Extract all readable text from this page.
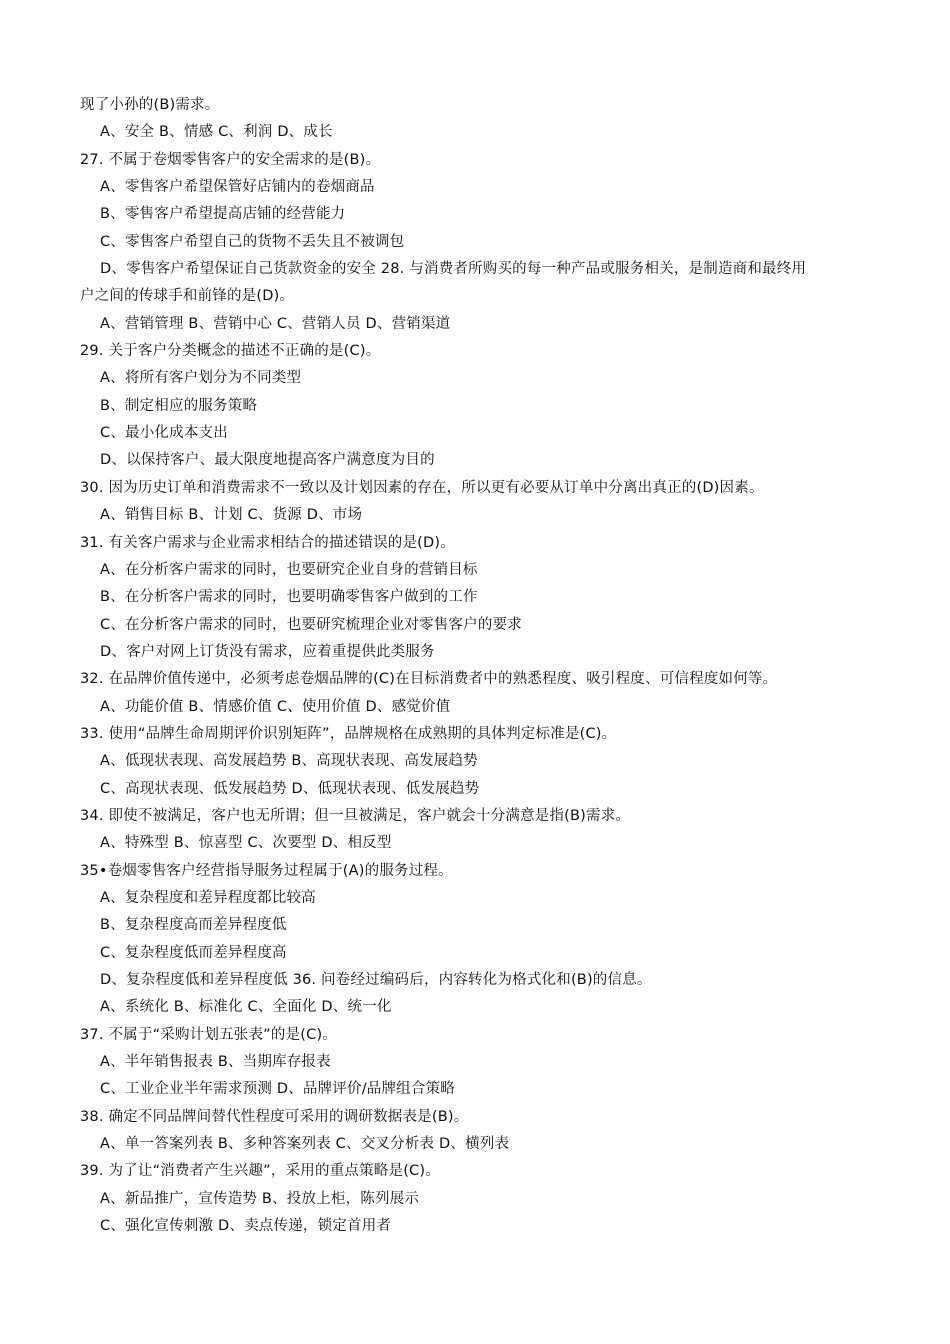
现了小孙的(B)需求。
A、安全 B、情感 C、利润 D、成长
27. 不属于卷烟零售客户的安全需求的是(B)。
A、零售客户希望保管好店铺内的卷烟商品
B、零售客户希望提高店铺的经营能力
C、零售客户希望自己的货物不丢失且不被调包
D、零售客户希望保证自己货款资金的安全 28. 与消费者所购买的每一种产品或服务相关，是制造商和最终用
户之间的传球手和前锋的是(D)。
A、营销管理 B、营销中心 C、营销人员 D、营销渠道
29. 关于客户分类概念的描述不正确的是(C)。
A、将所有客户划分为不同类型
B、制定相应的服务策略
C、最小化成本支出
D、以保持客户、最大限度地提高客户满意度为目的
30. 因为历史订单和消费需求不一致以及计划因素的存在，所以更有必要从订单中分离出真正的(D)因素。
A、销售目标 B、计划 C、货源 D、市场
31. 有关客户需求与企业需求相结合的描述错误的是(D)。
A、在分析客户需求的同时，也要研究企业自身的营销目标
B、在分析客户需求的同时，也要明确零售客户做到的工作
C、在分析客户需求的同时，也要研究梳理企业对零售客户的要求
D、客户对网上订货没有需求，应着重提供此类服务
32. 在品牌价值传递中，必须考虑卷烟品牌的(C)在目标消费者中的熟悉程度、吸引程度、可信程度如何等。
A、功能价值 B、情感价值 C、使用价值 D、感觉价值
33. 使用“品牌生命周期评价识别矩阵”，品牌规格在成熟期的具体判定标准是(C)。
A、低现状表现、高发展趋势 B、高现状表现、高发展趋势
C、高现状表现、低发展趋势 D、低现状表现、低发展趋势
34. 即使不被满足，客户也无所谓；但一旦被满足，客户就会十分满意是指(B)需求。
A、特殊型 B、惊喜型 C、次要型 D、相反型
35•卷烟零售客户经营指导服务过程属于(A)的服务过程。
A、复杂程度和差异程度都比较高
B、复杂程度高而差异程度低
C、复杂程度低而差异程度高
D、复杂程度低和差异程度低 36. 问卷经过编码后，内容转化为格式化和(B)的信息。
A、系统化 B、标准化 C、全面化 D、统一化
37. 不属于“采购计划五张表”的是(C)。
A、半年销售报表 B、当期库存报表
C、工业企业半年需求预测 D、品牌评价/品牌组合策略
38. 确定不同品牌间替代性程度可采用的调研数据表是(B)。
A、单一答案列表 B、多种答案列表 C、交叉分析表 D、横列表
39. 为了让“消费者产生兴趣”，采用的重点策略是(C)。
A、新品推广，宣传造势 B、投放上柜，陈列展示
C、强化宣传刺激 D、卖点传递，锁定首用者
